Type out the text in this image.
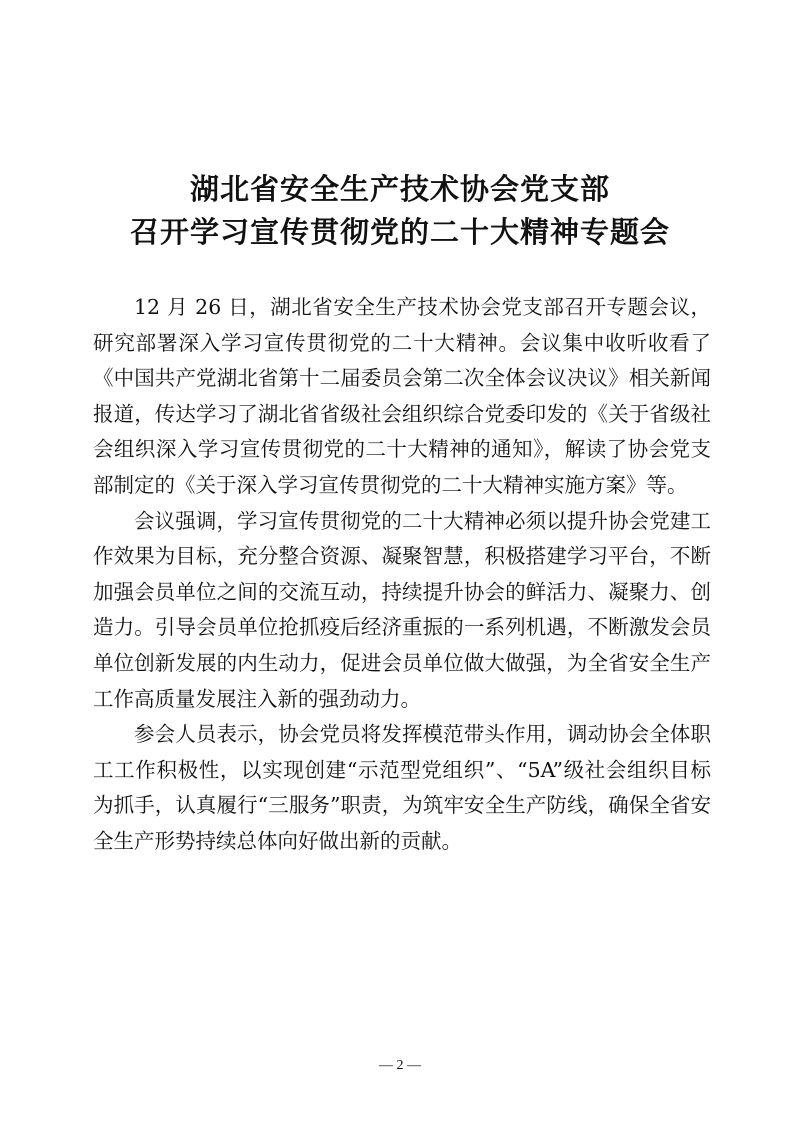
湖北省安全生产技术协会党支部
召开学习宣传贯彻党的二十大精神专题会

12 月 26 日，湖北省安全生产技术协会党支部召开专题会议，研究部署深入学习宣传贯彻党的二十大精神。会议集中收听收看了《中国共产党湖北省第十二届委员会第二次全体会议决议》相关新闻报道，传达学习了湖北省省级社会组织综合党委印发的《关于省级社会组织深入学习宣传贯彻党的二十大精神的通知》，解读了协会党支部制定的《关于深入学习宣传贯彻党的二十大精神实施方案》等。

会议强调，学习宣传贯彻党的二十大精神必须以提升协会党建工作效果为目标，充分整合资源、凝聚智慧，积极搭建学习平台，不断加强会员单位之间的交流互动，持续提升协会的鲜活力、凝聚力、创造力。引导会员单位抢抓疫后经济重振的一系列机遇，不断激发会员单位创新发展的内生动力，促进会员单位做大做强，为全省安全生产工作高质量发展注入新的强劲动力。

参会人员表示，协会党员将发挥模范带头作用，调动协会全体职工工作积极性，以实现创建“示范型党组织”、“5A”级社会组织目标为抓手，认真履行“三服务”职责，为筑牢安全生产防线，确保全省安全生产形势持续总体向好做出新的贡献。

— 2 —
